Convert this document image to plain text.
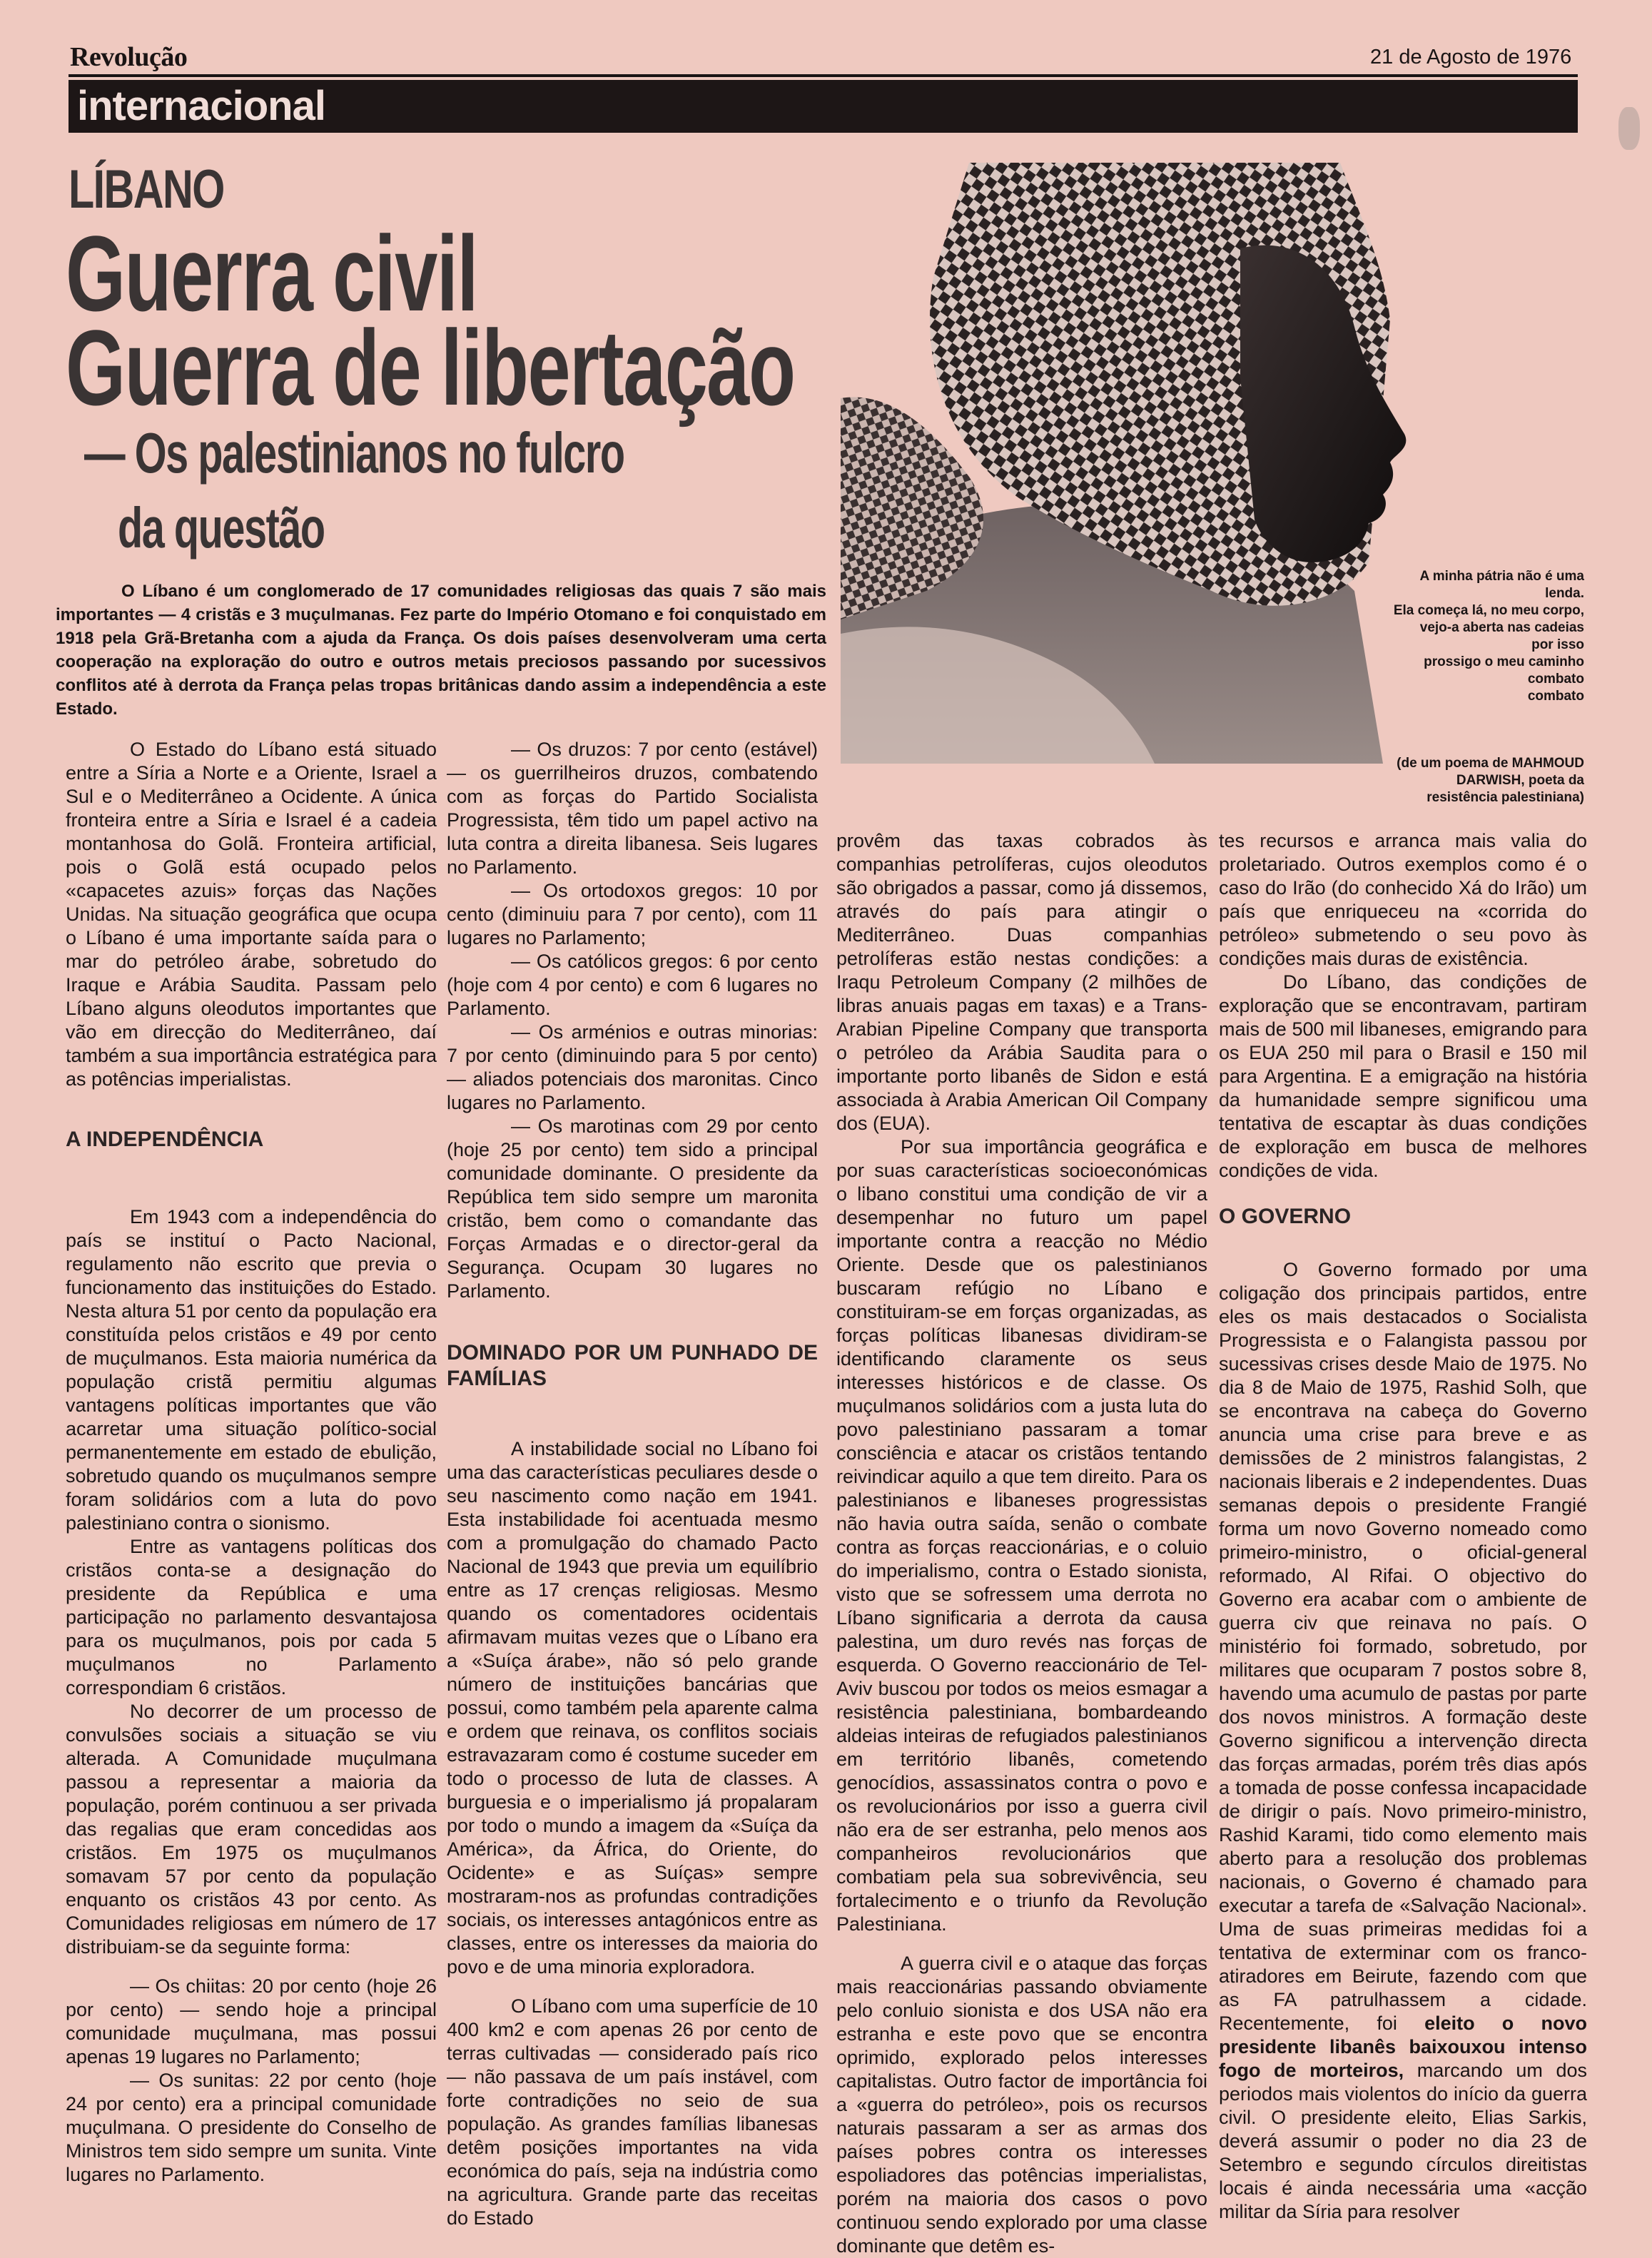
Revolução	21 de Agosto de 1976
internacional
LÍBANO
Guerra civil
Guerra de libertação
— Os palestinianos no fulcro
da questão
O Líbano é um conglomerado de 17 comunidades religiosas das quais 7 são mais importantes — 4 cristãs e 3 muçulmanas. Fez parte do Império Otomano e foi conquistado em 1918 pela Grã-Bretanha com a ajuda da França. Os dois países desenvolveram uma certa cooperação na exploração do outro e outros metais preciosos passando por sucessivos conflitos até à derrota da França pelas tropas britânicas dando assim a independência a este Estado.
A minha pátria não é uma
lenda.
Ela começa lá, no meu corpo,
vejo-a aberta nas cadeias
por isso
prossigo o meu caminho
combato
combato
(de um poema de MAHMOUD
DARWISH, poeta da
resistência palestiniana)

O Estado do Líbano está situado entre a Síria a Norte e a Oriente, Israel a Sul e o Mediterrâneo a Ocidente. A única fronteira entre a Síria e Israel é a cadeia montanhosa do Golã. Fronteira artificial, pois o Golã está ocupado pelos «capacetes azuis» forças das Nações Unidas. Na situação geográfica que ocupa o Líbano é uma importante saída para o mar do petróleo árabe, sobretudo do Iraque e Arábia Saudita. Passam pelo Líbano alguns oleodutos importantes que vão em direcção do Mediterrâneo, daí também a sua importância estratégica para as potências imperialistas.

A INDEPENDÊNCIA

Em 1943 com a independência do país se instituí o Pacto Nacional, regulamento não escrito que previa o funcionamento das instituições do Estado. Nesta altura 51 por cento da população era constituída pelos cristãos e 49 por cento de muçulmanos. Esta maioria numérica da população cristã permitiu algumas vantagens políticas importantes que vão acarretar uma situação político-social permanentemente em estado de ebulição, sobretudo quando os muçulmanos sempre foram solidários com a luta do povo palestiniano contra o sionismo.

Entre as vantagens políticas dos cristãos conta-se a designação do presidente da República e uma participação no parlamento desvantajosa para os muçulmanos, pois por cada 5 muçulmanos no Parlamento correspondiam 6 cristãos.

No decorrer de um processo de convulsões sociais a situação se viu alterada. A Comunidade muçulmana passou a representar a maioria da população, porém continuou a ser privada das regalias que eram concedidas aos cristãos. Em 1975 os muçulmanos somavam 57 por cento da população enquanto os cristãos 43 por cento. As Comunidades religiosas em número de 17 distribuiam-se da seguinte forma:

— Os chiitas: 20 por cento (hoje 26 por cento) — sendo hoje a principal comunidade muçulmana, mas possui apenas 19 lugares no Parlamento;

— Os sunitas: 22 por cento (hoje 24 por cento) era a principal comunidade muçulmana. O presidente do Conselho de Ministros tem sido sempre um sunita. Vinte lugares no Parlamento.

— Os druzos: 7 por cento (estável) — os guerrilheiros druzos, combatendo com as forças do Partido Socialista Progressista, têm tido um papel activo na luta contra a direita libanesa. Seis lugares no Parlamento.

— Os ortodoxos gregos: 10 por cento (diminuiu para 7 por cento), com 11 lugares no Parlamento;

— Os católicos gregos: 6 por cento (hoje com 4 por cento) e com 6 lugares no Parlamento.

— Os arménios e outras minorias: 7 por cento (diminuindo para 5 por cento) — aliados potenciais dos maronitas. Cinco lugares no Parlamento.

— Os marotinas com 29 por cento (hoje 25 por cento) tem sido a principal comunidade dominante. O presidente da República tem sido sempre um maronita cristão, bem como o comandante das Forças Armadas e o director-geral da Segurança. Ocupam 30 lugares no Parlamento.

DOMINADO POR UM PUNHADO DE FAMÍLIAS

A instabilidade social no Líbano foi uma das características peculiares desde o seu nascimento como nação em 1941. Esta instabilidade foi acentuada mesmo com a promulgação do chamado Pacto Nacional de 1943 que previa um equilíbrio entre as 17 crenças religiosas. Mesmo quando os comentadores ocidentais afirmavam muitas vezes que o Líbano era a «Suíça árabe», não só pelo grande número de instituições bancárias que possui, como também pela aparente calma e ordem que reinava, os conflitos sociais estravazaram como é costume suceder em todo o processo de luta de classes. A burguesia e o imperialismo já propalaram por todo o mundo a imagem da «Suíça da América», da África, do Oriente, do Ocidente» e as Suíças» sempre mostraram-nos as profundas contradições sociais, os interesses antagónicos entre as classes, entre os interesses da maioria do povo e de uma minoria exploradora.

O Líbano com uma superfície de 10 400 km2 e com apenas 26 por cento de terras cultivadas — considerado país rico — não passava de um país instável, com forte contradições no seio de sua população. As grandes famílias libanesas detêm posições importantes na vida económica do país, seja na indústria como na agricultura. Grande parte das receitas do Estado

provêm das taxas cobrados às companhias petrolíferas, cujos oleodutos são obrigados a passar, como já dissemos, através do país para atingir o Mediterrâneo. Duas companhias petrolíferas estão nestas condições: a Iraqu Petroleum Company (2 milhões de libras anuais pagas em taxas) e a Trans-Arabian Pipeline Company que transporta o petróleo da Arábia Saudita para o importante porto libanês de Sidon e está associada à Arabia American Oil Company dos (EUA).

Por sua importância geográfica e por suas características socioeconómicas o libano constitui uma condição de vir a desempenhar no futuro um papel importante contra a reacção no Médio Oriente. Desde que os palestinianos buscaram refúgio no Líbano e constituiram-se em forças organizadas, as forças políticas libanesas dividiram-se identificando claramente os seus interesses históricos e de classe. Os muçulmanos solidários com a justa luta do povo palestiniano passaram a tomar consciência e atacar os cristãos tentando reivindicar aquilo a que tem direito. Para os palestinianos e libaneses progressistas não havia outra saída, senão o combate contra as forças reaccionárias, e o coluio do imperialismo, contra o Estado sionista, visto que se sofressem uma derrota no Líbano significaria a derrota da causa palestina, um duro revés nas forças de esquerda. O Governo reaccionário de Tel-Aviv buscou por todos os meios esmagar a resistência palestiniana, bombardeando aldeias inteiras de refugiados palestinianos em território libanês, cometendo genocídios, assassinatos contra o povo e os revolucionários por isso a guerra civil não era de ser estranha, pelo menos aos companheiros revolucionários que combatiam pela sua sobrevivência, seu fortalecimento e o triunfo da Revolução Palestiniana.

A guerra civil e o ataque das forças mais reaccionárias passando obviamente pelo conluio sionista e dos USA não era estranha e este povo que se encontra oprimido, explorado pelos interesses capitalistas. Outro factor de importância foi a «guerra do petróleo», pois os recursos naturais passaram a ser as armas dos países pobres contra os interesses espoliadores das potências imperialistas, porém na maioria dos casos o povo continuou sendo explorado por uma classe dominante que detêm es-

tes recursos e arranca mais valia do proletariado. Outros exemplos como é o caso do Irão (do conhecido Xá do Irão) um país que enriqueceu na «corrida do petróleo» submetendo o seu povo às condições mais duras de existência.

Do Líbano, das condições de exploração que se encontravam, partiram mais de 500 mil libaneses, emigrando para os EUA 250 mil para o Brasil e 150 mil para Argentina. E a emigração na história da humanidade sempre significou uma tentativa de escaptar às duas condições de exploração em busca de melhores condições de vida.

O GOVERNO

O Governo formado por uma coligação dos principais partidos, entre eles os mais destacados o Socialista Progressista e o Falangista passou por sucessivas crises desde Maio de 1975. No dia 8 de Maio de 1975, Rashid Solh, que se encontrava na cabeça do Governo anuncia uma crise para breve e as demissões de 2 ministros falangistas, 2 nacionais liberais e 2 independentes. Duas semanas depois o presidente Frangié forma um novo Governo nomeado como primeiro-ministro, o oficial-general reformado, Al Rifai. O objectivo do Governo era acabar com o ambiente de guerra civ que reinava no país. O ministério foi formado, sobretudo, por militares que ocuparam 7 postos sobre 8, havendo uma acumulo de pastas por parte dos novos ministros. A formação deste Governo significou a intervenção directa das forças armadas, porém três dias após a tomada de posse confessa incapacidade de dirigir o país. Novo primeiro-ministro, Rashid Karami, tido como elemento mais aberto para a resolução dos problemas nacionais, o Governo é chamado para executar a tarefa de «Salvação Nacional». Uma de suas primeiras medidas foi a tentativa de exterminar com os franco-atiradores em Beirute, fazendo com que as FA patrulhassem a cidade. Recentemente, foi eleito o novo presidente libanês baixouxou intenso fogo de morteiros, marcando um dos periodos mais violentos do início da guerra civil. O presidente eleito, Elias Sarkis, deverá assumir o poder no dia 23 de Setembro e segundo círculos direitistas locais é ainda necessária uma «acção militar da Síria para resolver
